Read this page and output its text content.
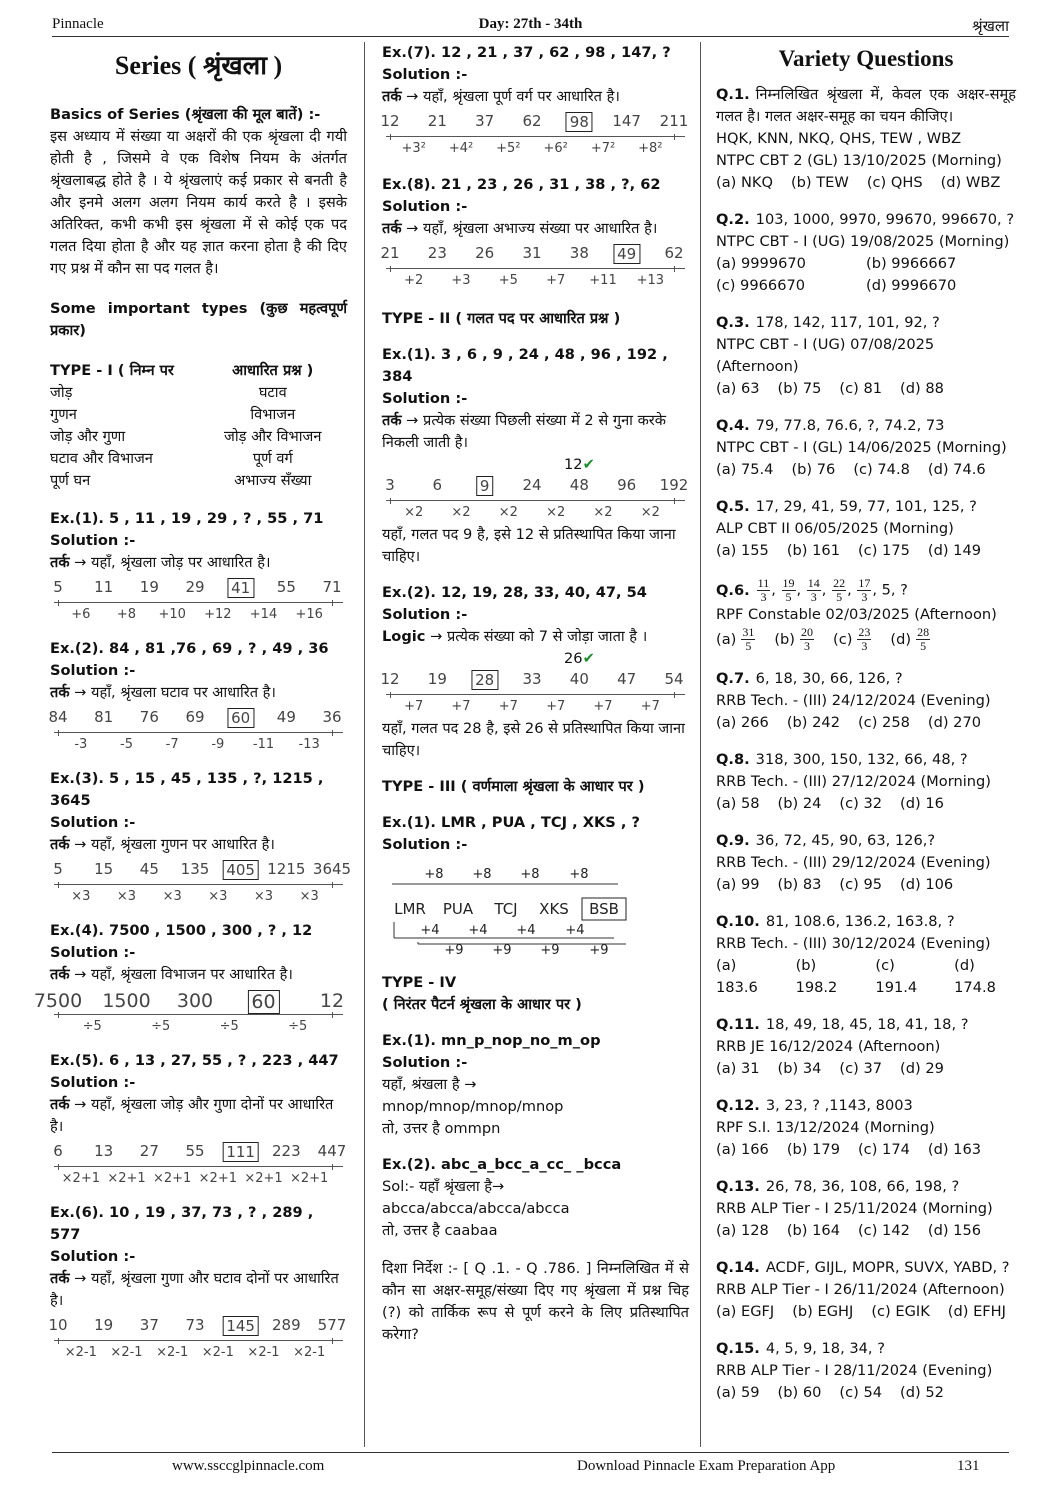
Pinnacle	Day: 27th - 34th	श्रृंखला
Series ( श्रृंखला )
Basics of Series (श्रृंखला की मूल बातें) :-
इस अध्याय में संख्या या अक्षरों की एक श्रृंखला दी गयी होती है , जिसमे वे एक विशेष नियम के अंतर्गत श्रृंखलाबद्ध होते है । ये श्रृंखलाएं कई प्रकार से बनती है और इनमे अलग अलग नियम कार्य करते है । इसके अतिरिक्त, कभी कभी इस श्रृंखला में से कोई एक पद गलत दिया होता है और यह ज्ञात करना होता है की दिए गए प्रश्न में कौन सा पद गलत है।
Some important types (कुछ महत्वपूर्ण प्रकार)
TYPE - I ( निम्न पर	आधारित प्रश्न )
जोड़	घटाव
गुणन	विभाजन
जोड़ और गुणा	जोड़ और विभाजन
घटाव और विभाजन	पूर्ण वर्ग
पूर्ण घन	अभाज्य सँख्या
Ex.(1). 5 , 11 , 19 , 29 , ? , 55 , 71
Solution :-
तर्क → यहाँ, श्रृंखला जोड़ पर आधारित है।
5 11 19 29 41 55 71
+6 +8 +10 +12 +14 +16
Ex.(2). 84 , 81 ,76 , 69 , ? , 49 , 36
Solution :-
तर्क → यहाँ, श्रृंखला घटाव पर आधारित है।
84 81 76 69 60 49 36
-3	-5	-7	-9 -11 -13
Ex.(3). 5 , 15 , 45 , 135 , ?, 1215 , 3645
Solution :-
तर्क → यहाँ, श्रृंखला गुणन पर आधारित है।
5 15 45 135 405 1215 3645
×3 ×3 ×3 ×3 ×3 ×3
Ex.(4). 7500 , 1500 , 300 , ? , 12
Solution :-
तर्क → यहाँ, श्रृंखला विभाजन पर आधारित है।
7500 1500 300 60 12
÷5	÷5	÷5	÷5
Ex.(5). 6 , 13 , 27, 55 , ? , 223 , 447
Solution :-
तर्क → यहाँ, श्रृंखला जोड़ और गुणा दोनों पर आधारित है।
6 13 27 55 111 223 447
×2+1 ×2+1 ×2+1 ×2+1 ×2+1 ×2+1
Ex.(6). 10 , 19 , 37, 73 , ? , 289 , 577
Solution :-
तर्क → यहाँ, श्रृंखला गुणा और घटाव दोनों पर आधारित है।
10 19 37 73 145 289 577
×2-1 ×2-1 ×2-1 ×2-1 ×2-1 ×2-1
Ex.(7). 12 , 21 , 37 , 62 , 98 , 147, ?
Solution :-
तर्क → यहाँ, श्रृंखला पूर्ण वर्ग पर आधारित है।
12 21 37 62 98 147 211
+3² +4² +5² +6² +7² +8²
Ex.(8). 21 , 23 , 26 , 31 , 38 , ?, 62
Solution :-
तर्क → यहाँ, श्रृंखला अभाज्य संख्या पर आधारित है।
21 23 26 31 38 49 62
+2 +3 +5 +7 +11 +13
TYPE - II ( गलत पद पर आधारित प्रश्न )
Ex.(1). 3 , 6 , 9 , 24 , 48 , 96 , 192 , 384
Solution :-
तर्क → प्रत्येक संख्या पिछली संख्या में 2 से गुना करके निकली जाती है।
12✔
3	6	9 24 48 96 192
×2 ×2 ×2 ×2 ×2 ×2
यहाँ, गलत पद 9 है, इसे 12 से प्रतिस्थापित किया जाना चाहिए।
Ex.(2). 12, 19, 28, 33, 40, 47, 54
Solution :-
Logic → प्रत्येक संख्या को 7 से जोड़ा जाता है ।
26✔
12 19 28 33 40 47 54
+7 +7 +7 +7 +7 +7
यहाँ, गलत पद 28 है, इसे 26 से प्रतिस्थापित किया जाना चाहिए।
TYPE - III ( वर्णमाला श्रृंखला के आधार पर )
Ex.(1). LMR , PUA , TCJ , XKS , ?
Solution :-
LMR PUA TCJ XKS BSB
+8 +8 +8 +8
+4 +4 +4 +4
+9 +9 +9 +9
TYPE - IV
( निरंतर पैटर्न श्रृंखला के आधार पर )
Ex.(1). mn_p_nop_no_m_op
Solution :-
यहाँ, श्रंखला है →
mnop/mnop/mnop/mnop
तो, उत्तर है ommpn
Ex.(2). abc_a_bcc_a_cc_ _bcca
Sol:- यहाँ श्रृंखला है→
abcca/abcca/abcca/abcca
तो, उत्तर है caabaa
दिशा निर्देश :- [ Q .1. - Q .786. ] निम्नलिखित में से कौन सा अक्षर-समूह/संख्या दिए गए श्रृंखला में प्रश्न चिह (?) को तार्किक रूप से पूर्ण करने के लिए प्रतिस्थापित करेगा?
Variety Questions
Q.1. निम्नलिखित श्रृंखला में, केवल एक अक्षर-समूह गलत है। गलत अक्षर-समूह का चयन कीजिए।
HQK, KNN, NKQ, QHS, TEW , WBZ
NTPC CBT 2 (GL) 13/10/2025 (Morning)
(a) NKQ (b) TEW (c) QHS (d) WBZ
Q.2. 103, 1000, 9970, 99670, 996670, ?
NTPC CBT - I (UG) 19/08/2025 (Morning)
(a) 9999670	(b) 9966667
(c) 9966670	(d) 9996670
Q.3. 178, 142, 117, 101, 92, ?
NTPC CBT - I (UG) 07/08/2025 (Afternoon)
(a) 63 (b) 75 (c) 81 (d) 88
Q.4. 79, 77.8, 76.6, ?, 74.2, 73
NTPC CBT - I (GL) 14/06/2025 (Morning)
(a) 75.4 (b) 76 (c) 74.8 (d) 74.6
Q.5. 17, 29, 41, 59, 77, 101, 125, ?
ALP CBT II 06/05/2025 (Morning)
(a) 155 (b) 161 (c) 175 (d) 149
Q.6. $\frac{11}{3}$ , $\frac{19}{5}$ , $\frac{14}{3}$ , $\frac{22}{5}$ , $\frac{17}{3}$ , 5, ?
RPF Constable 02/03/2025 (Afternoon)
$(a) \frac{31}{5} (b) \frac{20}{3} (c) \frac{23}{3} (d) \frac{28}{5}$
Q.7. 6, 18, 30, 66, 126, ?
RRB Tech. - (III) 24/12/2024 (Evening)
(a) 266 (b) 242 (c) 258 (d) 270
Q.8. 318, 300, 150, 132, 66, 48, ?
RRB Tech. - (III) 27/12/2024 (Morning)
(a) 58 (b) 24 (c) 32 (d) 16
Q.9. 36, 72, 45, 90, 63, 126,?
RRB Tech. - (III) 29/12/2024 (Evening)
(a) 99 (b) 83 (c) 95 (d) 106
Q.10. 81, 108.6, 136.2, 163.8, ?
RRB Tech. - (III) 30/12/2024 (Evening)
(a) 183.6
(b) 198.2
(c) 191.4
(d) 174.8
Q.11. 18, 49, 18, 45, 18, 41, 18, ?
RRB JE 16/12/2024 (Afternoon)
(a) 31 (b) 34 (c) 37 (d) 29
Q.12. 3, 23, ? ,1143, 8003
RPF S.I. 13/12/2024 (Morning)
(a) 166 (b) 179 (c) 174 (d) 163
Q.13. 26, 78, 36, 108, 66, 198, ?
RRB ALP Tier - I 25/11/2024 (Morning)
(a) 128 (b) 164 (c) 142 (d) 156
Q.14. ACDF, GIJL, MOPR, SUVX, YABD, ?
RRB ALP Tier - I 26/11/2024 (Afternoon)
(a) EGFJ (b) EGHJ (c) EGIK (d) EFHJ
Q.15. 4, 5, 9, 18, 34, ?
RRB ALP Tier - I 28/11/2024 (Evening)
(a) 59 (b) 60 (c) 54 (d) 52
www.ssccglpinnacle.com	Download Pinnacle Exam Preparation App	131
